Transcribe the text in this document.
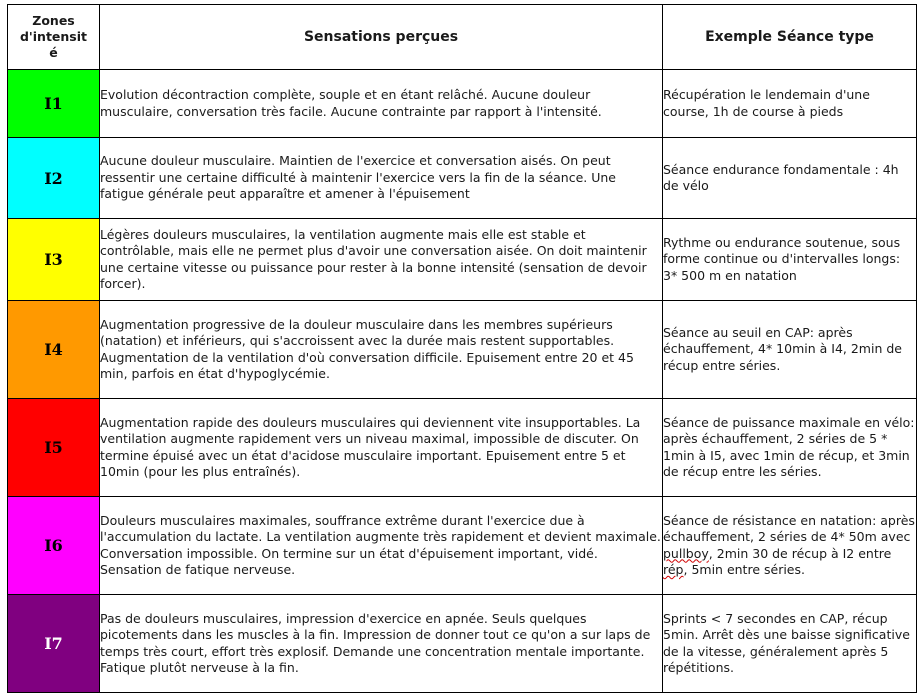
Zones
d'intensit
é	Sensations perçues	Exemple Séance type
I1	Evolution décontraction complète, souple et en étant relâché. Aucune douleur musculaire, conversation très facile. Aucune contrainte par rapport à l'intensité.	Récupération le lendemain d'une course, 1h de course à pieds
I2	Aucune douleur musculaire. Maintien de l'exercice et conversation aisés. On peut ressentir une certaine difficulté à maintenir l'exercice vers la fin de la séance. Une fatigue générale peut apparaître et amener à l'épuisement	Séance endurance fondamentale : 4h de vélo
I3	Légères douleurs musculaires, la ventilation augmente mais elle est stable et contrôlable, mais elle ne permet plus d'avoir une conversation aisée. On doit maintenir une certaine vitesse ou puissance pour rester à la bonne intensité (sensation de devoir forcer).	Rythme ou endurance soutenue, sous forme continue ou d'intervalles longs: 3* 500 m en natation
I4	Augmentation progressive de la douleur musculaire dans les membres supérieurs (natation) et inférieurs, qui s'accroissent avec la durée mais restent supportables. Augmentation de la ventilation d'où conversation difficile. Epuisement entre 20 et 45 min, parfois en état d'hypoglycémie.	Séance au seuil en CAP: après échauffement, 4* 10min à I4, 2min de récup entre séries.
I5	Augmentation rapide des douleurs musculaires qui deviennent vite insupportables. La ventilation augmente rapidement vers un niveau maximal, impossible de discuter. On termine épuisé avec un état d'acidose musculaire important. Epuisement entre 5 et 10min (pour les plus entraînés).	Séance de puissance maximale en vélo: après échauffement, 2 séries de 5 * 1min à I5, avec 1min de récup, et 3min de récup entre les séries.
I6	Douleurs musculaires maximales, souffrance extrême durant l'exercice due à l'accumulation du lactate. La ventilation augmente très rapidement et devient maximale. Conversation impossible. On termine sur un état d'épuisement important, vidé. Sensation de fatique nerveuse.	Séance de résistance en natation: après échauffement, 2 séries de 4* 50m avec pullboy, 2min 30 de récup à I2 entre rép, 5min entre séries.
I7	Pas de douleurs musculaires, impression d'exercice en apnée. Seuls quelques picotements dans les muscles à la fin. Impression de donner tout ce qu'on a sur laps de temps très court, effort très explosif. Demande une concentration mentale importante. Fatique plutôt nerveuse à la fin.	Sprints < 7 secondes en CAP, récup 5min. Arrêt dès une baisse significative de la vitesse, généralement après 5 répétitions.
